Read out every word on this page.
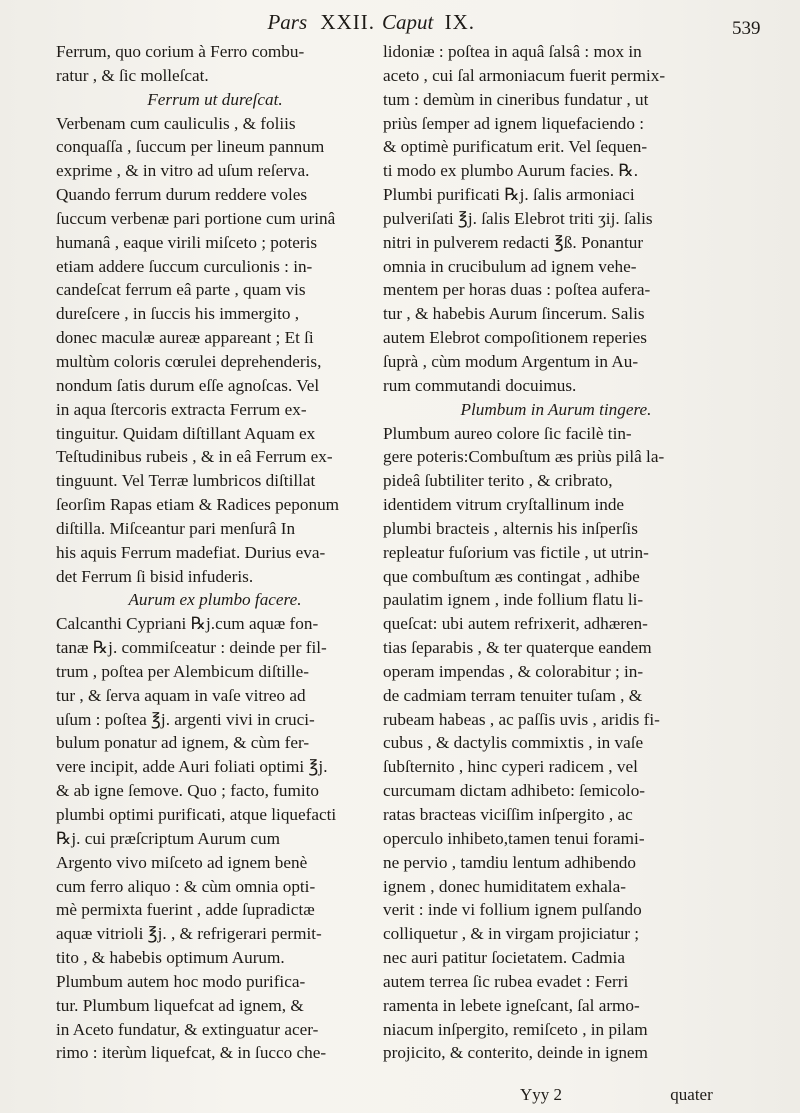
Pars XXII. Caput IX.	539
Ferrum, quo corium à Ferro combu-
ratur , & ſic molleſcat.
Ferrum ut dureſcat.
Verbenam cum cauliculis , & foliis
conquaſſa , ſuccum per lineum pannum
exprime , & in vitro ad uſum reſerva.
Quando ferrum durum reddere voles
ſuccum verbenæ pari portione cum urinâ
humanâ , eaque virili miſceto ; poteris
etiam addere ſuccum curculionis : in-
candeſcat ferrum eâ parte , quam vis
dureſcere , in ſuccis his immergito ,
donec maculæ aureæ appareant ; Et ſi
multùm coloris cœrulei deprehenderis,
nondum ſatis durum eſſe agnoſcas. Vel
in aqua ſtercoris extracta Ferrum ex-
tinguitur. Quidam diſtillant Aquam ex
Teſtudinibus rubeis , & in eâ Ferrum ex-
tinguunt. Vel Terræ lumbricos diſtillat
ſeorſim Rapas etiam & Radices peponum
diſtilla. Miſceantur pari menſurâ In
his aquis Ferrum madefiat. Durius eva-
det Ferrum ſi bisid infuderis.
Aurum ex plumbo facere.
Calcanthi Cypriani ℞j.cum aquæ fon-
tanæ ℞j. commiſceatur : deinde per fil-
trum , poſtea per Alembicum diſtille-
tur , & ſerva aquam in vaſe vitreo ad
uſum : poſtea ℥j. argenti vivi in cruci-
bulum ponatur ad ignem, & cùm fer-
vere incipit, adde Auri foliati optimi ℥j.
& ab igne ſemove. Quo ; facto, fumito
plumbi optimi purificati, atque liquefacti
℞j. cui præſcriptum Aurum cum
Argento vivo miſceto ad ignem benè
cum ferro aliquo : & cùm omnia opti-
mè permixta fuerint , adde ſupradictæ
aquæ vitrioli ℥j. , & refrigerari permit-
tito , & habebis optimum Aurum.
Plumbum autem hoc modo purifica-
tur. Plumbum liquefcat ad ignem, &
in Aceto fundatur, & extinguatur acer-
rimo : iterùm liquefcat, & in ſucco che-
lidoniæ : poſtea in aquâ ſalsâ : mox in
aceto , cui ſal armoniacum fuerit permix-
tum : demùm in cineribus fundatur , ut
priùs ſemper ad ignem liquefaciendo :
& optimè purificatum erit. Vel ſequen-
ti modo ex plumbo Aurum facies. ℞.
Plumbi purificati ℞j. ſalis armoniaci
pulveriſati ℥j. ſalis Elebrot triti ʒij. ſalis
nitri in pulverem redacti ℥ß. Ponantur
omnia in crucibulum ad ignem vehe-
mentem per horas duas : poſtea aufera-
tur , & habebis Aurum ſincerum. Salis
autem Elebrot compoſitionem reperies
ſuprà , cùm modum Argentum in Au-
rum commutandi docuimus.
Plumbum in Aurum tingere.
Plumbum aureo colore ſic facilè tin-
gere poteris:Combuſtum æs priùs pilâ la-
pideâ ſubtiliter terito , & cribrato,
identidem vitrum cryſtallinum inde
plumbi bracteis , alternis his inſperſis
repleatur fuſorium vas fictile , ut utrin-
que combuſtum æs contingat , adhibe
paulatim ignem , inde follium flatu li-
queſcat: ubi autem refrixerit, adhæren-
tias ſeparabis , & ter quaterque eandem
operam impendas , & colorabitur ; in-
de cadmiam terram tenuiter tuſam , &
rubeam habeas , ac paſſis uvis , aridis fi-
cubus , & dactylis commixtis , in vaſe
ſubſternito , hinc cyperi radicem , vel
curcumam dictam adhibeto: ſemicolo-
ratas bracteas viciſſim inſpergito , ac
operculo inhibeto,tamen tenui forami-
ne pervio , tamdiu lentum adhibendo
ignem , donec humiditatem exhala-
verit : inde vi follium ignem pulſando
colliquetur , & in virgam projiciatur ;
nec auri patitur ſocietatem. Cadmia
autem terrea ſic rubea evadet : Ferri
ramenta in lebete igneſcant, ſal armo-
niacum inſpergito, remiſceto , in pilam
projicito, & conterito, deinde in ignem
Yyy 2	quater
